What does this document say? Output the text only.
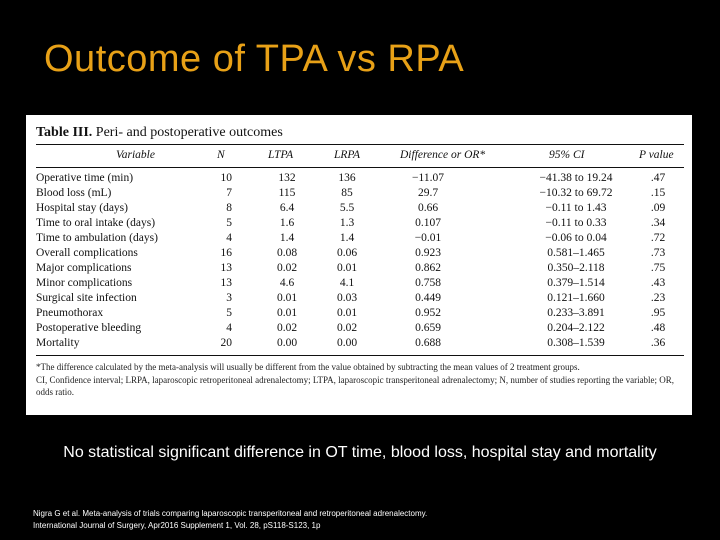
Outcome of TPA vs RPA
Table III. Peri- and postoperative outcomes
Variable	N	LTPA	LRPA	Difference or OR*	95% CI	P value
Operative time (min)	10	132	136	−11.07	−41.38 to 19.24	.47
Blood loss (mL)	7	115	85	29.7	−10.32 to 69.72	.15
Hospital stay (days)	8	6.4	5.5	0.66	−0.11 to 1.43	.09
Time to oral intake (days)	5	1.6	1.3	0.107	−0.11 to 0.33	.34
Time to ambulation (days)	4	1.4	1.4	−0.01	−0.06 to 0.04	.72
Overall complications	16	0.08	0.06	0.923	0.581–1.465	.73
Major complications	13	0.02	0.01	0.862	0.350–2.118	.75
Minor complications	13	4.6	4.1	0.758	0.379–1.514	.43
Surgical site infection	3	0.01	0.03	0.449	0.121–1.660	.23
Pneumothorax	5	0.01	0.01	0.952	0.233–3.891	.95
Postoperative bleeding	4	0.02	0.02	0.659	0.204–2.122	.48
Mortality	20	0.00	0.00	0.688	0.308–1.539	.36
*The difference calculated by the meta-analysis will usually be different from the value obtained by subtracting the mean values of 2 treatment groups.
CI, Confidence interval; LRPA, laparoscopic retroperitoneal adrenalectomy; LTPA, laparoscopic transperitoneal adrenalectomy; N, number of studies reporting the variable; OR, odds ratio.
No statistical significant difference in OT time, blood loss, hospital stay and mortality
Nigra G et al. Meta-analysis of trials comparing laparoscopic transperitoneal and retroperitoneal adrenalectomy.
International Journal of Surgery, Apr2016 Supplement 1, Vol. 28, pS118-S123, 1p
